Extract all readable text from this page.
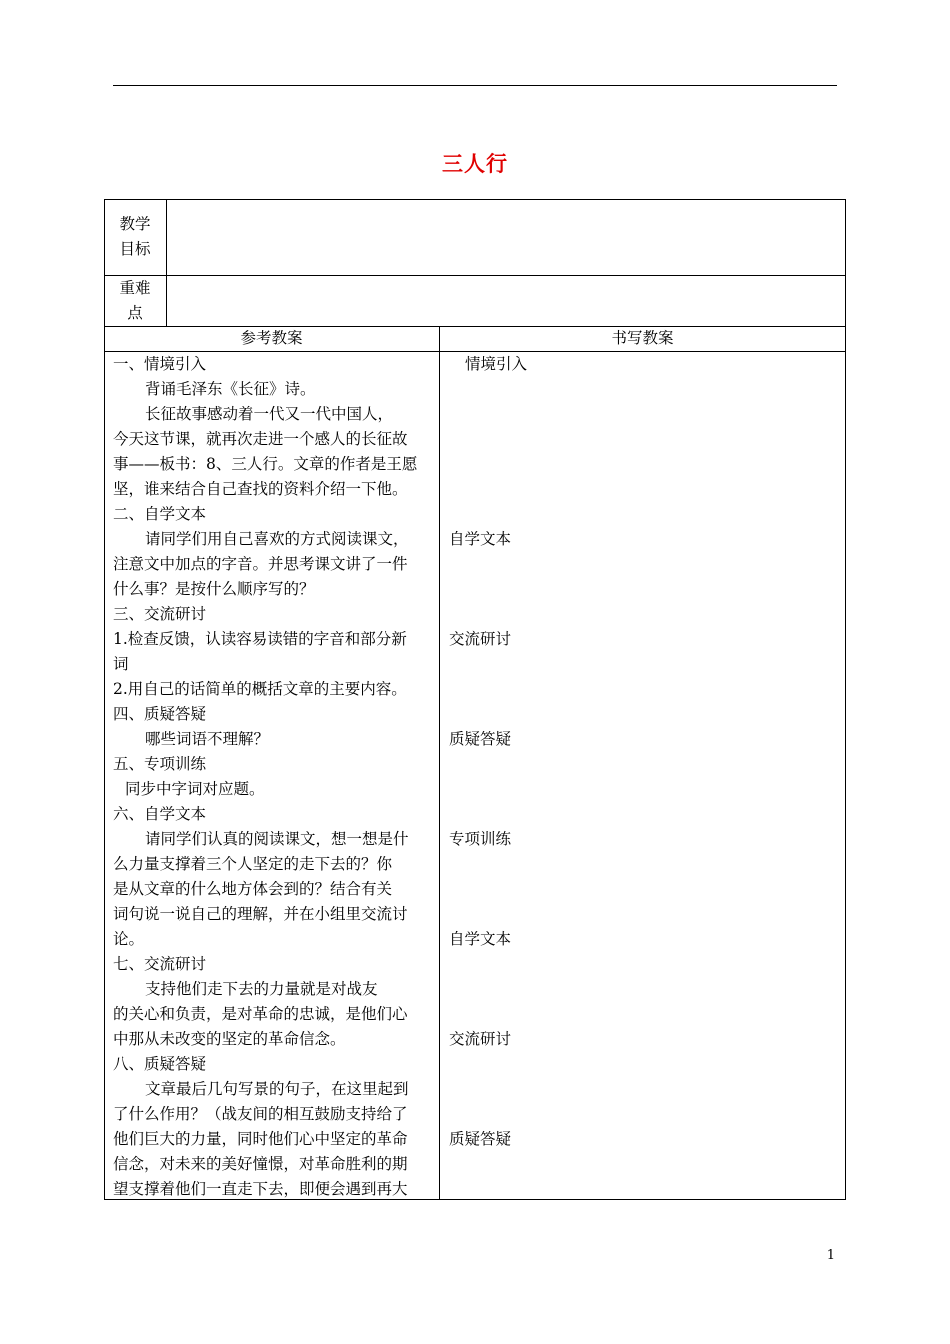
三人行
教学
目标
重难
点
参考教案	书写教案
一、情境引入
背诵毛泽东《长征》诗。
长征故事感动着一代又一代中国人，
今天这节课，就再次走进一个感人的长征故
事——板书：8、三人行。文章的作者是王愿
坚，谁来结合自己查找的资料介绍一下他。
二、自学文本
请同学们用自己喜欢的方式阅读课文，
注意文中加点的字音。并思考课文讲了一件
什么事？是按什么顺序写的？
三、交流研讨
1.检查反馈，认读容易读错的字音和部分新
词
2.用自己的话简单的概括文章的主要内容。
四、质疑答疑
哪些词语不理解？
五、专项训练
同步中字词对应题。
六、自学文本
请同学们认真的阅读课文，想一想是什
么力量支撑着三个人坚定的走下去的？你
是从文章的什么地方体会到的？结合有关
词句说一说自己的理解，并在小组里交流讨
论。
七、交流研讨
支持他们走下去的力量就是对战友
的关心和负责，是对革命的忠诚，是他们心
中那从未改变的坚定的革命信念。
八、质疑答疑
文章最后几句写景的句子，在这里起到
了什么作用？（战友间的相互鼓励支持给了
他们巨大的力量，同时他们心中坚定的革命
信念，对未来的美好憧憬，对革命胜利的期
望支撑着他们一直走下去，即便会遇到再大
情境引入
自学文本
交流研讨
质疑答疑
专项训练
自学文本
交流研讨
质疑答疑
1
